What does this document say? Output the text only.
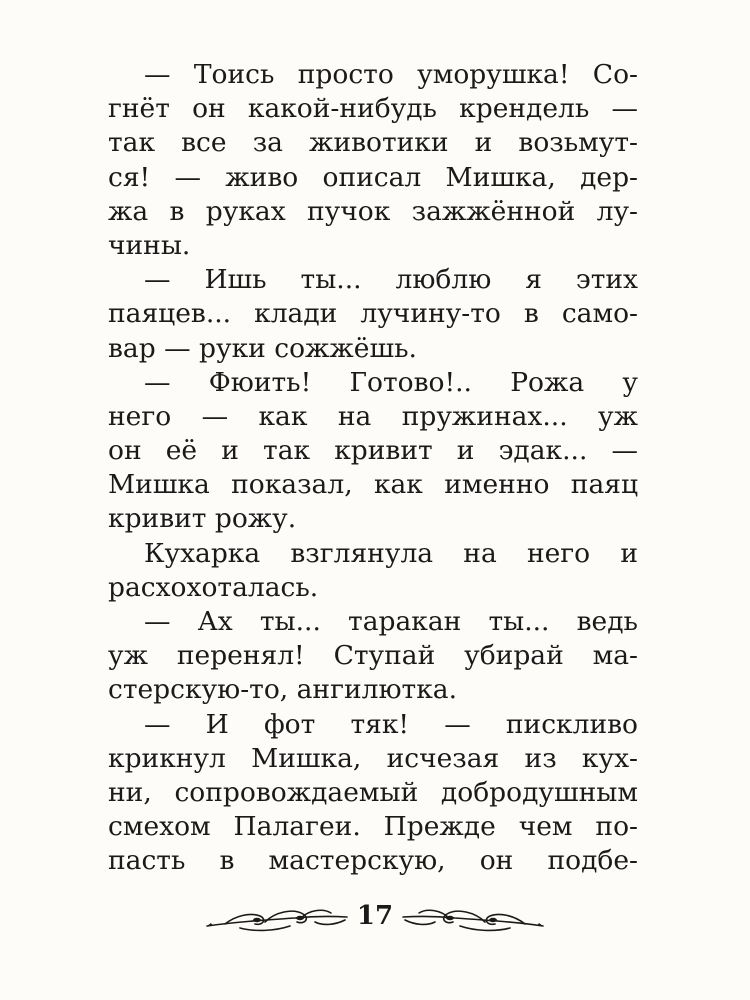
— Тоись просто уморушка! Со-
гнёт он какой-нибудь крендель —
так все за животики и возьмут-
ся! — живо описал Мишка, дер-
жа в руках пучок зажжённой лу-
чины.
— Ишь ты... люблю я этих
паяцев... клади лучину-то в само-
вар — руки сожжёшь.
— Фюить! Готово!.. Рожа у
него — как на пружинах... уж
он её и так кривит и эдак... —
Мишка показал, как именно паяц
кривит рожу.
Кухарка взглянула на него и
расхохоталась.
— Ах ты... таракан ты... ведь
уж перенял! Ступай убирай ма-
стерскую-то, ангилютка.
— И фот тяк! — пискливо
крикнул Мишка, исчезая из кух-
ни, сопровождаемый добродушным
смехом Палагеи. Прежде чем по-
пасть в мастерскую, он подбе-
17
